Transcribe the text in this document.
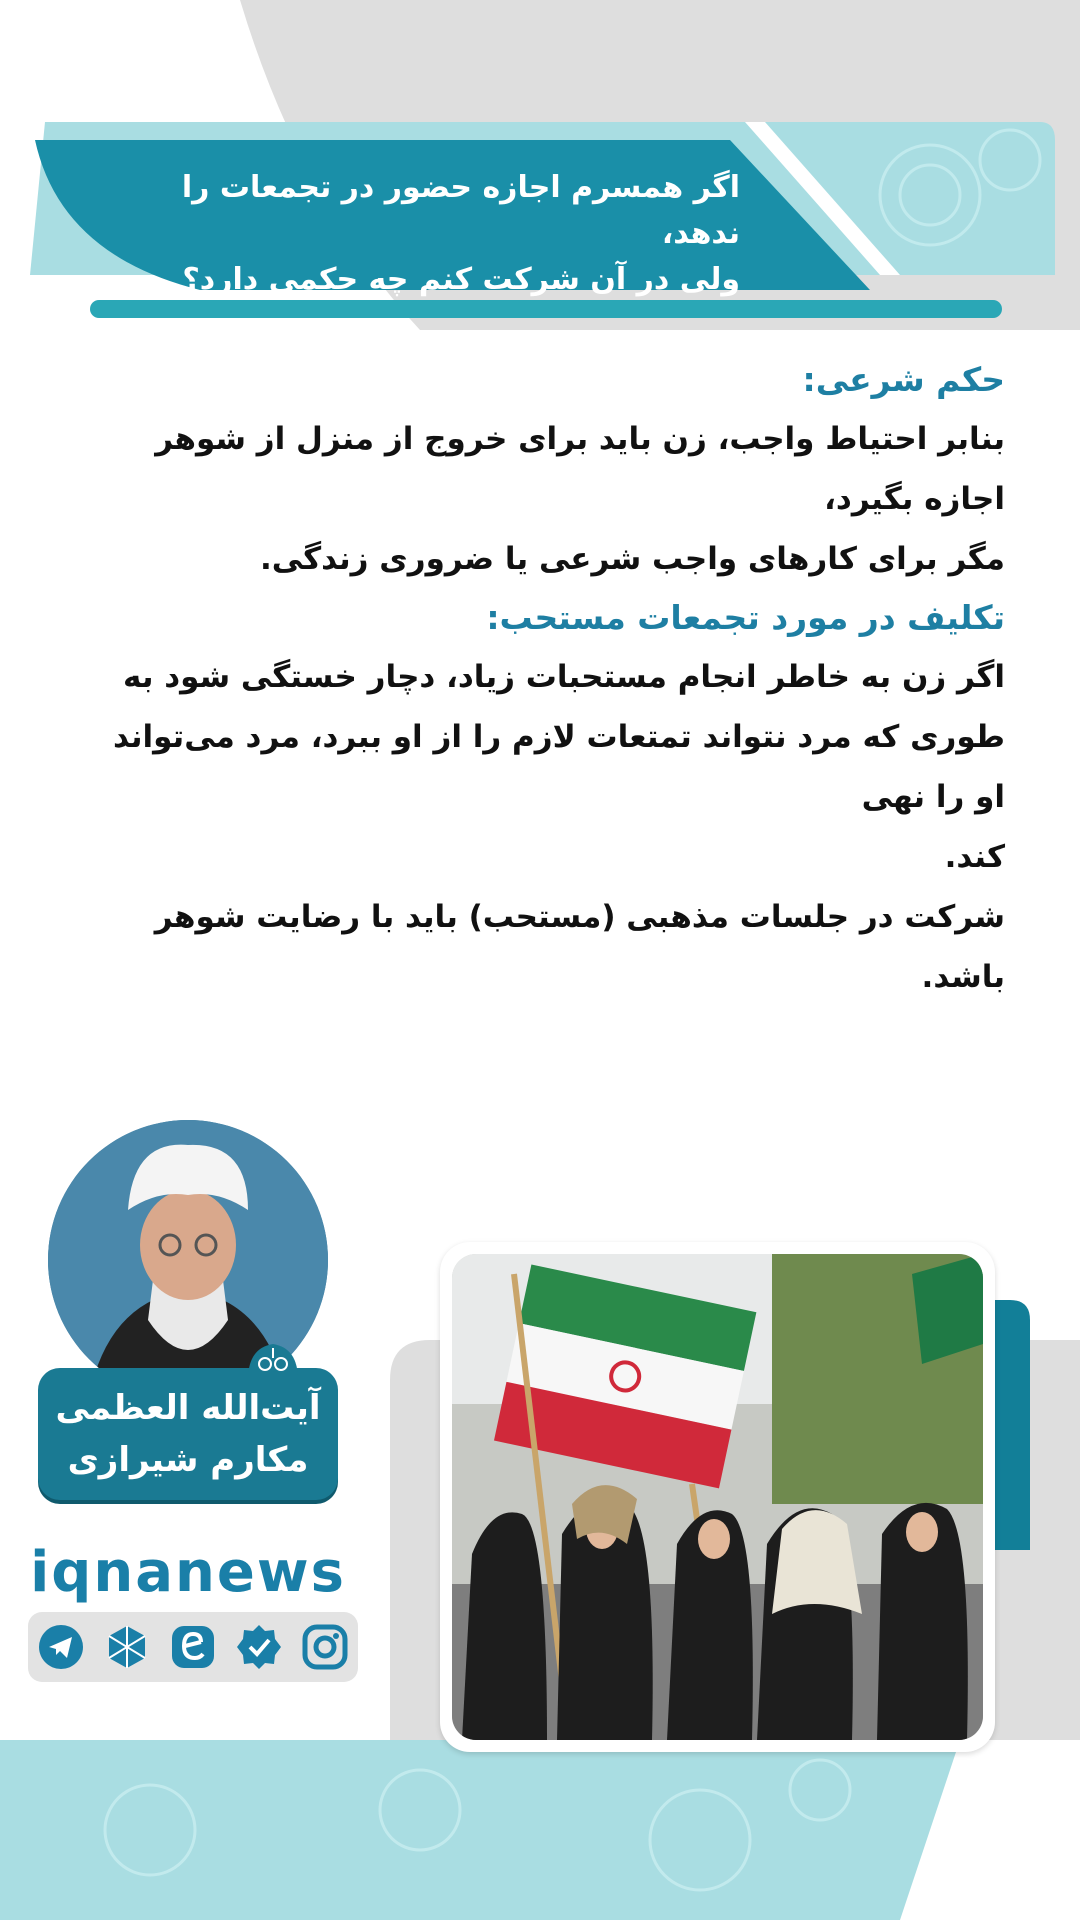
اگر همسرم اجازه حضور در تجمعات را ندهد،
ولی در آن شرکت کنم چه حکمی دارد؟

حکم شرعی:

بنابر احتیاط واجب، زن باید برای خروج از منزل از شوهر اجازه بگیرد،

مگر برای کارهای واجب شرعی یا ضروری زندگی.

تکلیف در مورد تجمعات مستحب:

اگر زن به خاطر انجام مستحبات زیاد، دچار خستگی شود به

طوری که مرد نتواند تمتعات لازم را از او ببرد، مرد می‌تواند او را نهی

کند.

شرکت در جلسات مذهبی (مستحب) باید با رضایت شوهر باشد.

آیت‌الله العظمی
مکارم شیرازی
iqnanews
